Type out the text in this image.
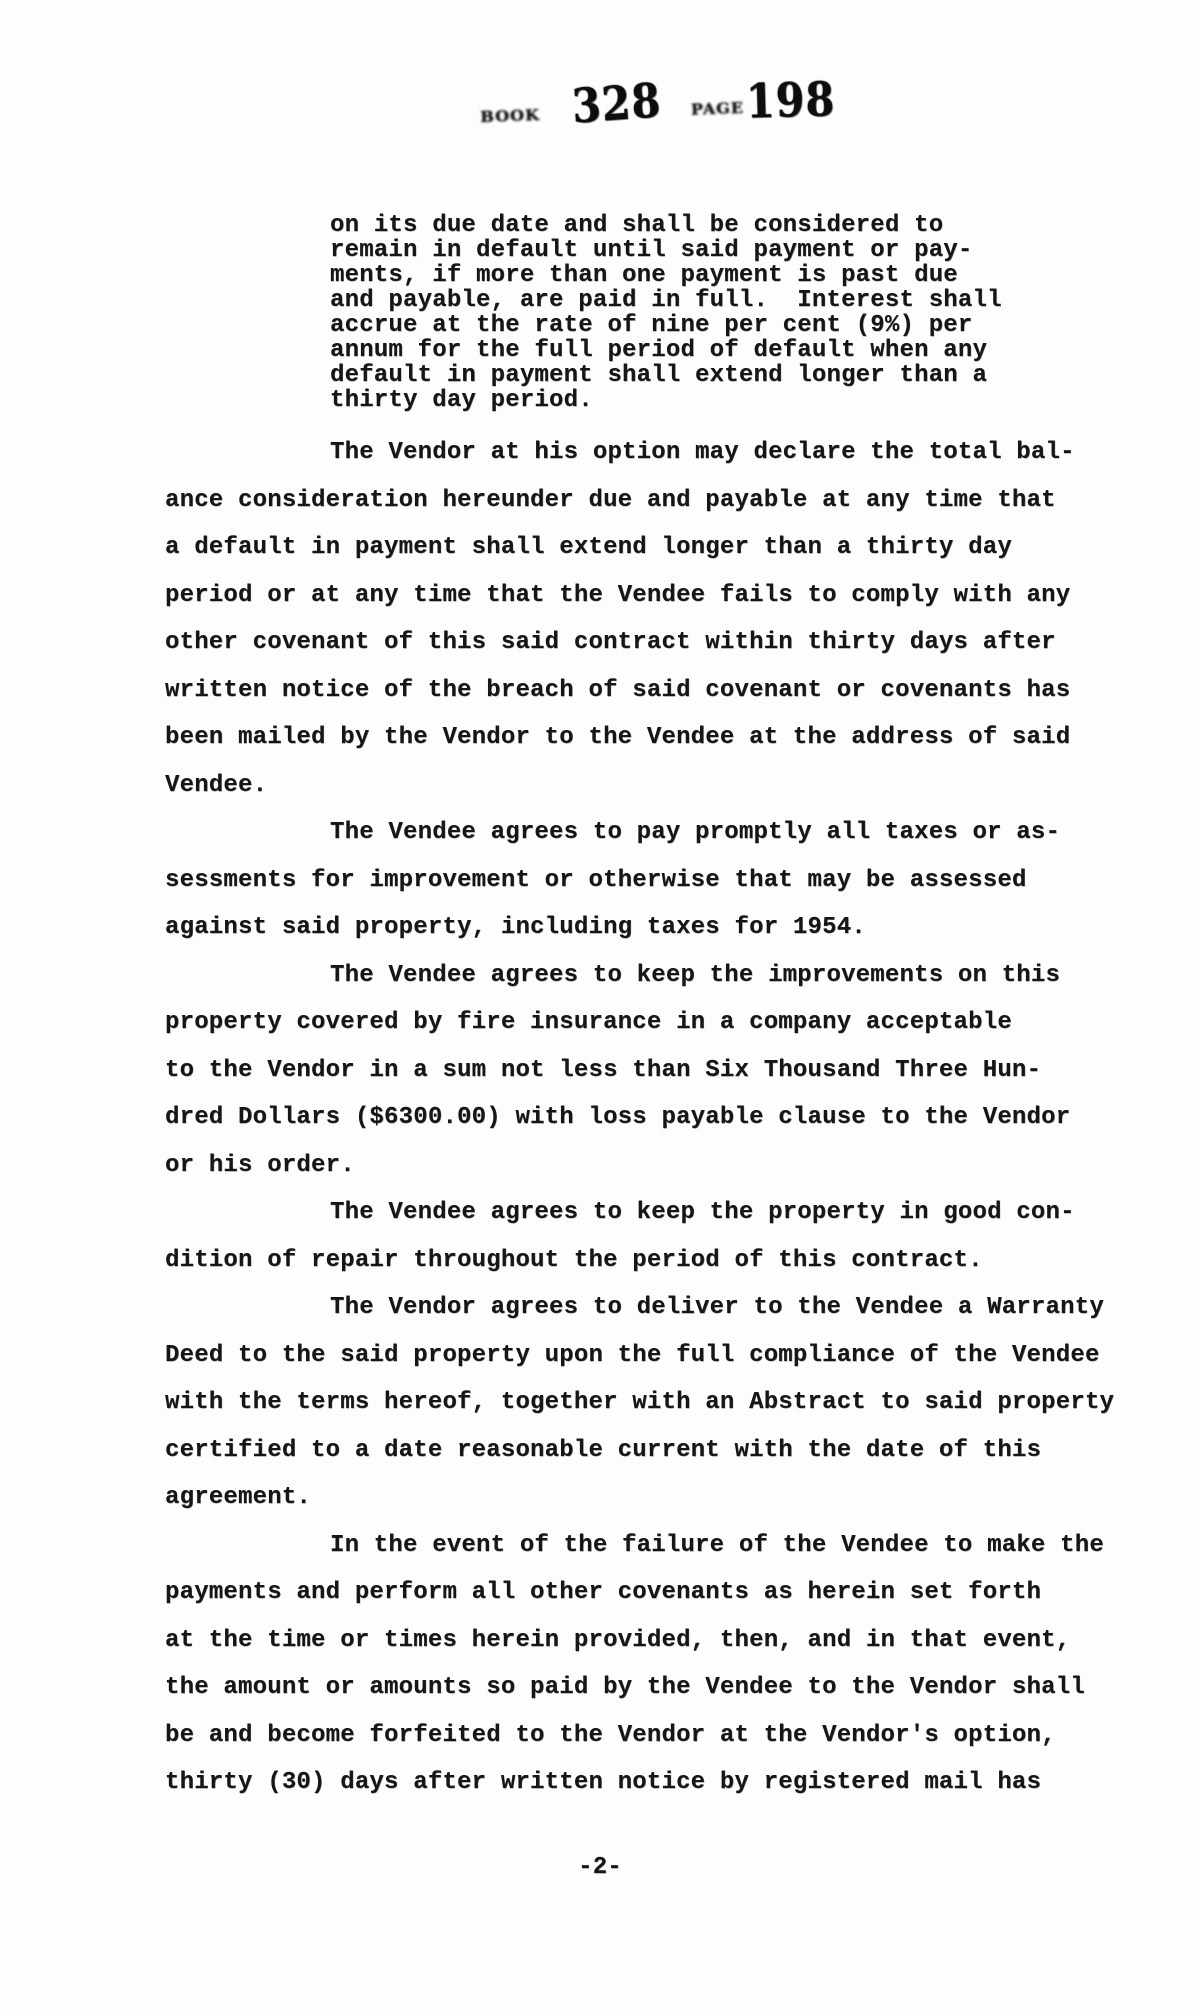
BOOK 328 PAGE 198
on its due date and shall be considered to
remain in default until said payment or pay-
ments, if more than one payment is past due
and payable, are paid in full.  Interest shall
accrue at the rate of nine per cent (9%) per
annum for the full period of default when any
default in payment shall extend longer than a
thirty day period.
The Vendor at his option may declare the total bal-
ance consideration hereunder due and payable at any time that
a default in payment shall extend longer than a thirty day
period or at any time that the Vendee fails to comply with any
other covenant of this said contract within thirty days after
written notice of the breach of said covenant or covenants has
been mailed by the Vendor to the Vendee at the address of said
Vendee.
The Vendee agrees to pay promptly all taxes or as-
sessments for improvement or otherwise that may be assessed
against said property, including taxes for 1954.
The Vendee agrees to keep the improvements on this
property covered by fire insurance in a company acceptable
to the Vendor in a sum not less than Six Thousand Three Hun-
dred Dollars ($6300.00) with loss payable clause to the Vendor
or his order.
The Vendee agrees to keep the property in good con-
dition of repair throughout the period of this contract.
The Vendor agrees to deliver to the Vendee a Warranty
Deed to the said property upon the full compliance of the Vendee
with the terms hereof, together with an Abstract to said property
certified to a date reasonable current with the date of this
agreement.
In the event of the failure of the Vendee to make the
payments and perform all other covenants as herein set forth
at the time or times herein provided, then, and in that event,
the amount or amounts so paid by the Vendee to the Vendor shall
be and become forfeited to the Vendor at the Vendor's option,
thirty (30) days after written notice by registered mail has
-2-
